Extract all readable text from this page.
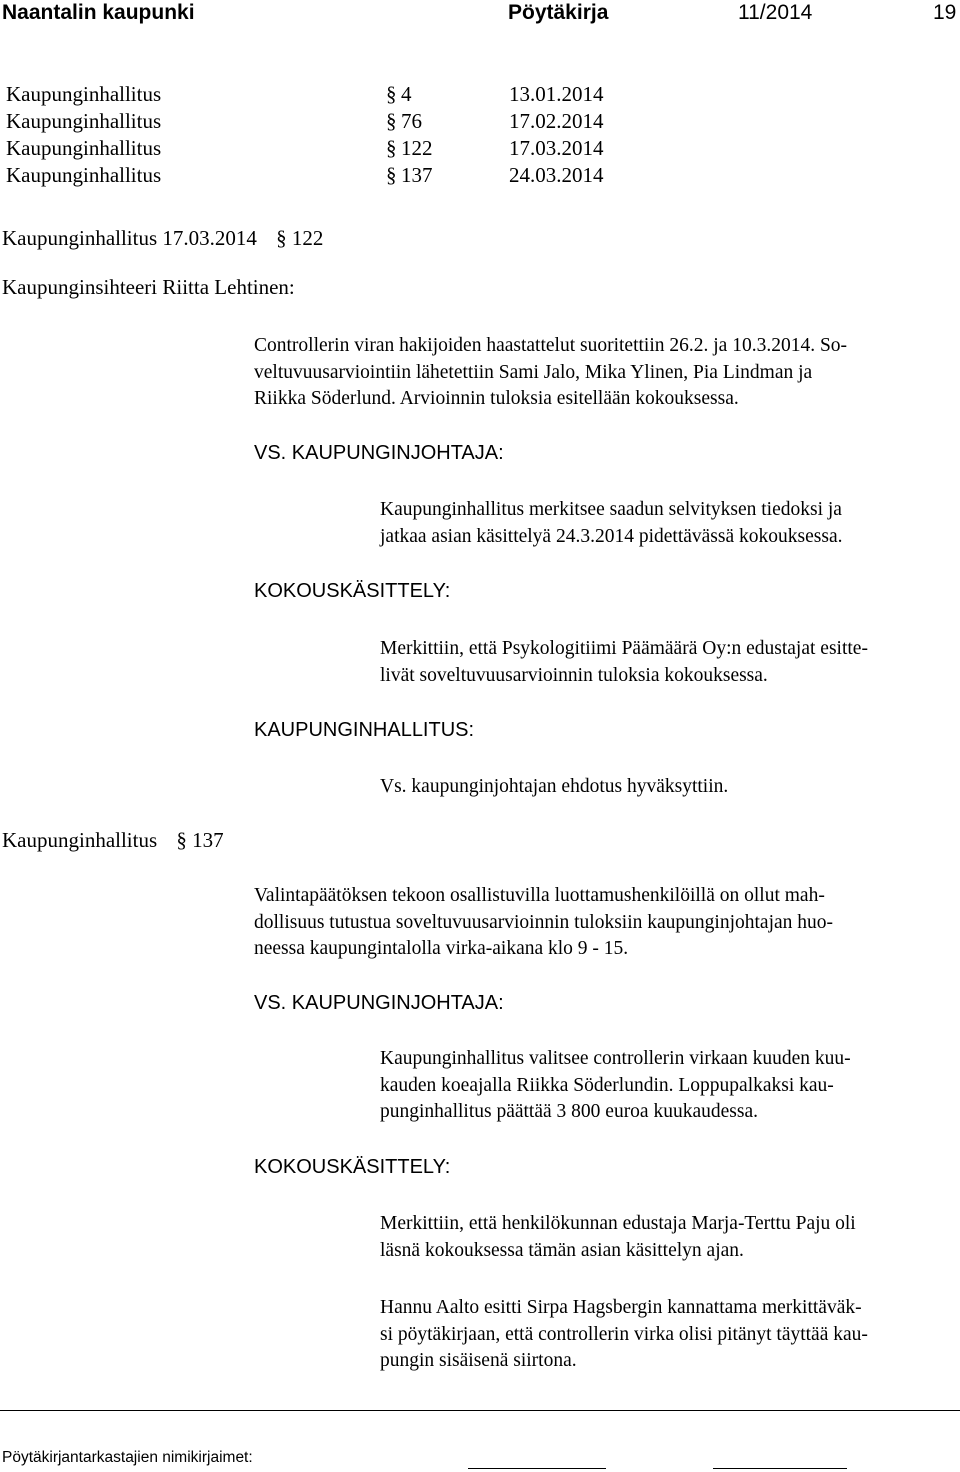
Naantalin kaupunki	Pöytäkirja	11/2014	19
Kaupunginhallitus	§ 4	13.01.2014
Kaupunginhallitus	§ 76	17.02.2014
Kaupunginhallitus	§ 122	17.03.2014
Kaupunginhallitus	§ 137	24.03.2014
Kaupunginhallitus 17.03.2014 § 122
Kaupunginsihteeri Riitta Lehtinen:
Controllerin viran hakijoiden haastattelut suoritettiin 26.2. ja 10.3.2014. So-
veltuvuusarviointiin lähetettiin Sami Jalo, Mika Ylinen, Pia Lindman ja
Riikka Söderlund. Arvioinnin tuloksia esitellään kokouksessa.
VS. KAUPUNGINJOHTAJA:
Kaupunginhallitus merkitsee saadun selvityksen tiedoksi ja
jatkaa asian käsittelyä 24.3.2014 pidettävässä kokouksessa.
KOKOUSKÄSITTELY:
Merkittiin, että Psykologitiimi Päämäärä Oy:n edustajat esitte-
livät soveltuvuusarvioinnin tuloksia kokouksessa.
KAUPUNGINHALLITUS:
Vs. kaupunginjohtajan ehdotus hyväksyttiin.
Kaupunginhallitus § 137
Valintapäätöksen tekoon osallistuvilla luottamushenkilöillä on ollut mah-
dollisuus tutustua soveltuvuusarvioinnin tuloksiin kaupunginjohtajan huo-
neessa kaupungintalolla virka-aikana klo 9 - 15.
VS. KAUPUNGINJOHTAJA:
Kaupunginhallitus valitsee controllerin virkaan kuuden kuu-
kauden koeajalla Riikka Söderlundin. Loppupalkaksi kau-
punginhallitus päättää 3 800 euroa kuukaudessa.
KOKOUSKÄSITTELY:
Merkittiin, että henkilökunnan edustaja Marja-Terttu Paju oli
läsnä kokouksessa tämän asian käsittelyn ajan.
Hannu Aalto esitti Sirpa Hagsbergin kannattama merkittäväk-
si pöytäkirjaan, että controllerin virka olisi pitänyt täyttää kau-
pungin sisäisenä siirtona.
Pöytäkirjantarkastajien nimikirjaimet:
